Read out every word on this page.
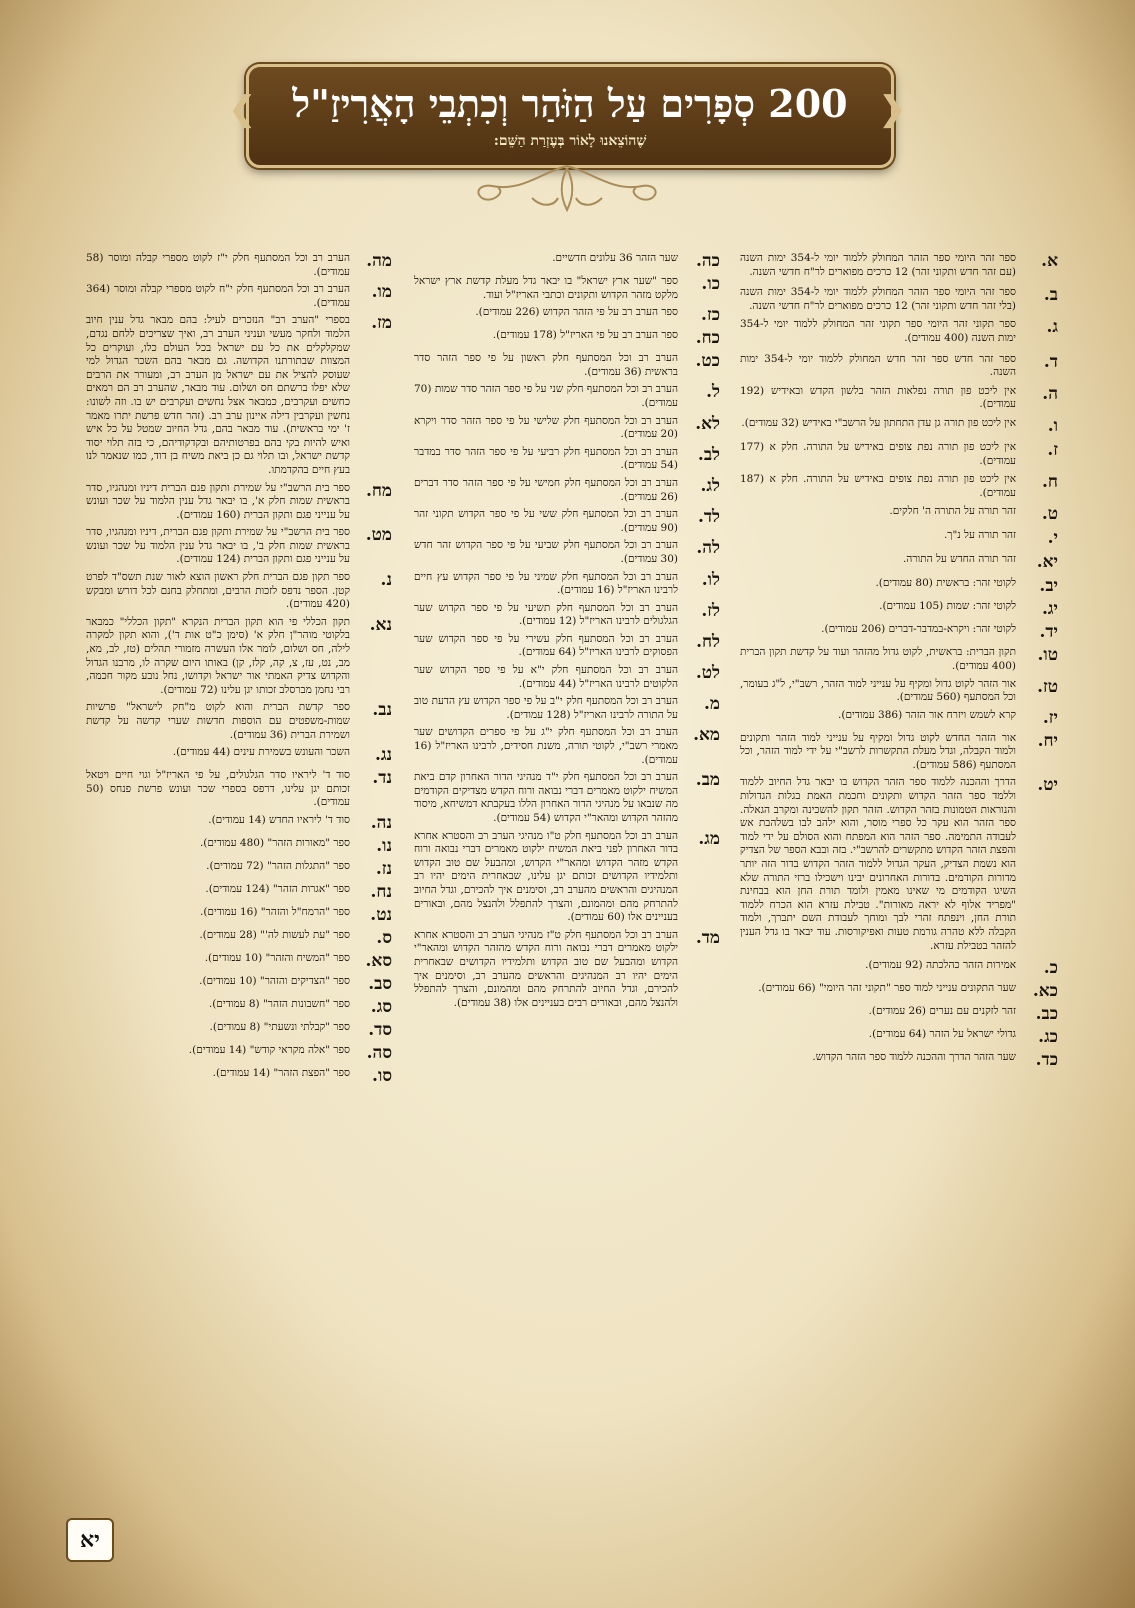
200 סְפָרִים עַל הַזֹּהַר וְכִתְבֵי הָאֲרִיזַ"ל
שֶׁהוֹצֵאנוּ לָאוֹר בְּעֶזְרַת הַשֵּׁם:
❮	❯
א.
ספר זהר היומי ספר הזהר המחולק ללמוד יומי ל-354 ימות השנה (עם זהר חדש ותקוני זהר) 12 כרכים מפוארים לר"ח חדשי השנה.
ב.
ספר זהר היומי ספר הזהר המחולק ללמוד יומי ל-354 ימות השנה (בלי זהר חדש ותקוני זהר) 12 כרכים מפוארים לר"ח חדשי השנה.
ג.
ספר תקוני זהר היומי ספר תקוני זהר המחולק ללמוד יומי ל-354 ימות השנה (400 עמודים).
ד.
ספר זהר חדש ספר זהר חדש המחולק ללמוד יומי ל-354 ימות השנה.
ה.
אין ליכט פון תורה נפלאות הזהר בלשון הקדש ובאידיש (192 עמודים).
ו.
אין ליכט פון תורה גן עדן התחתון על הרשב"י באידיש (32 עמודים).
ז.
אין ליכט פון תורה נפת צופים באידיש על התורה. חלק א (177 עמודים).
ח.
אין ליכט פון תורה נפת צופים באידיש על התורה. חלק א (187 עמודים).
ט.
זהר תורה על התורה ה' חלקים.
י.
זהר תורה על נ"ך.
יא.
זהר תורה החדש על התורה.
יב.
לקוטי זהר: בראשית (80 עמודים).
יג.
לקוטי זהר: שמות (105 עמודים).
יד.
לקוטי זהר: ויקרא-במדבר-דברים (206 עמודים).
טו.
תקון הברית: בראשית, לקוט גדול מהזהר ועוד על קדשת תקון הברית (400 עמודים).
טז.
אור הזהר לקוט גדול ומקיף על ענייני למוד הזהר, רשב"י, ל"ג בעומר, וכל המסתעף (560 עמודים).
יז.
קרא לשמש ויזרח אור הזהר (386 עמודים).
יח.
אור הזהר החדש לקוט גדול ומקיף על ענייני למוד הזהר ותקונים ולמוד הקבלה, וגדל מעלת התקשרות לרשב"י על ידי למוד הזהר, וכל המסתעף (586 עמודים).
יט.
הדרך וההכנה ללמוד ספר הזהר הקדוש בו יבאר גדל החיוב ללמוד וללמד ספר הזהר הקדוש ותקונים וחכמת האמת בגלות הגדולות והנוראות הטמונות בזהר הקדוש. הזהר תקון להשכינה ומקרב הגאלה. ספר הזהר הוא עקר כל ספרי מוסר, והוא ילהב לבו בשלהבת אש לעבודה התמימה. ספר הזהר הוא המפתח והוא הסולם על ידי למוד והפצת הזהר הקדוש מתקשרים להרשב"י. בזה ובבא הספר של הצדיק הוא נשמת הצדיק, העקר הגדול ללמוד הזהר הקדוש בדור הזה יותר מדורות הקודמים. בדורות האחרונים יבינו וישכילו ברזי התורה שלא השיגו הקודמים מי שאינו מאמין ולומד תורת החן הוא בבחינת "מפריד אלוף לא יראה מאורות". טבילת עזרא הוא הכרח ללמוד תורת החן, וינפתח זהרי לבך ומוחך לעבודת השם יתברך, ולמוד הקבלה ללא טהרה גורמת טעות ואפיקורסות. עוד יבאר בו גדל הענין להזהר בטבילת עזרא.
כ.
אמירות הזהר כהלכתה (92 עמודים).
כא.
שער התקונים ענייני למוד ספר "תקוני זהר היומי" (66 עמודים).
כב.
זהר לזקנים עם נערים (26 עמודים).
כג.
גדולי ישראל על הזהר (64 עמודים).
כד.
שער הזהר הדרך וההכנה ללמוד ספר הזהר הקדוש.
כה.
שער הזהר 36 עלונים חדשיים.
כו.
ספר "שער ארץ ישראל" בו יבאר גדל מעלת קדשת ארץ ישראל מלקט מזהר הקדוש ותקונים וכתבי האריז"ל ועוד.
כז.
ספר הערב רב על פי הזהר הקדוש (226 עמודים).
כח.
ספר הערב רב על פי האריז"ל (178 עמודים).
כט.
הערב רב וכל המסתעף חלק ראשון על פי ספר הזהר סדר בראשית (36 עמודים).
ל.
הערב רב וכל המסתעף חלק שני על פי ספר הזהר סדר שמות (70 עמודים).
לא.
הערב רב וכל המסתעף חלק שלישי על פי ספר הזהר סדר ויקרא (20 עמודים).
לב.
הערב רב וכל המסתעף חלק רביעי על פי ספר הזהר סדר במדבר (54 עמודים).
לג.
הערב רב וכל המסתעף חלק חמישי על פי ספר הזהר סדר דברים (26 עמודים).
לד.
הערב רב וכל המסתעף חלק ששי על פי ספר הקדוש תקוני זהר (90 עמודים).
לה.
הערב רב וכל המסתעף חלק שביעי על פי ספר הקדוש זהר חדש (30 עמודים).
לו.
הערב רב וכל המסתעף חלק שמיני על פי ספר הקדוש עץ חיים לרבינו האריז"ל (16 עמודים).
לז.
הערב רב וכל המסתעף חלק תשיעי על פי ספר הקדוש שער הגלגולים לרבינו האריז"ל (12 עמודים).
לח.
הערב רב וכל המסתעף חלק עשירי על פי ספר הקדוש שער הפסוקים לרבינו האריז"ל (64 עמודים).
לט.
הערב רב וכל המסתעף חלק י"א על פי ספר הקדוש שער הלקוטים לרבינו האריז"ל (44 עמודים).
מ.
הערב רב וכל המסתעף חלק י"ב על פי ספר הקדוש עץ הדעת טוב על התורה לרבינו האריז"ל (128 עמודים).
מא.
הערב רב וכל המסתעף חלק י"ג על פי ספרים הקדושים שער מאמרי רשב"י, לקוטי תורה, משנת חסידים, לרבינו האריז"ל (16 עמודים).
מב.
הערב רב וכל המסתעף חלק י"ד מנהיגי הדור האחרון קדם ביאת המשיח ילקוט מאמרים דברי נבואה ורוח הקדש מצדיקים הקודמים מה שנבאו על מנהיגי הדור האחרון הללו בעקבתא דמשיחא, מיסוד מהזהר הקדוש ומהאר"י הקדוש (54 עמודים).
מג.
הערב רב וכל המסתעף חלק ט"ו מנהיגי הערב רב והסטרא אחרא בדור האחרון לפני ביאת המשיח ילקוט מאמרים דברי נבואה ורוח הקדש מזהר הקדוש ומהאר"י הקדוש, ומהבעל שם טוב הקדוש ותלמידיו הקדושים זכותם יגן עלינו, שבאחרית הימים יהיו רב המנהיגים והראשים מהערב רב, וסימנים איך להכירם, וגדל החיוב להתרחק מהם ומהמונם, והצרך להתפלל ולהנצל מהם, ובאורים בעניינים אלו (60 עמודים).
מד.
הערב רב וכל המסתעף חלק ט"ז מנהיגי הערב רב והסטרא אחרא ילקוט מאמרים דברי נבואה ורוח הקדש מהזהר הקדוש ומהאר"י הקדוש ומהבעל שם טוב הקדוש ותלמידיו הקדושים שבאחרית הימים יהיו רב המנהיגים והראשים מהערב רב, וסימנים איך להכירם, וגדל החיוב להתרחק מהם ומהמונם, והצרך להתפלל ולהנצל מהם, ובאורים רבים בעניינים אלו (38 עמודים).
מה.
הערב רב וכל המסתעף חלק י"ז לקוט מספרי קבלה ומוסר (58 עמודים).
מו.
הערב רב וכל המסתעף חלק י"ח לקוט מספרי קבלה ומוסר (364 עמודים).
מז.
בספרי "הערב רב" הנזכרים לעיל: בהם מבאר גדל ענין חיוב הלמוד ולחקר מעשי ועניני הערב רב, ואיך שצריכים ללחם נגדם, שמקלקלים את כל עם ישראל בכל העולם כלו, ועוקרים כל המצוות שבתורתנו הקדושה. גם מבאר בהם השכר הגדול למי שעוסק להציל את עם ישראל מן הערב רב, ומעורר את הרבים שלא יפלו ברשתם חס ושלום. עוד מבאר, שהערב רב הם רמאים כחשים ועקרבים, כמבאר אצל נחשים ועקרבים יש בו. וזה לשונו: נחשין ועקרבין דילה איינון ערב רב. (זהר חדש פרשת יתרו מאמר ז' ימי בראשית). עוד מבאר בהם, גדל החיוב שמטל על כל איש ואיש להיות בקי בהם בפרטותיהם ובקדקודיהם, כי בזה תלוי יסוד קדשת ישראל, ובו תלוי גם כן ביאת משיח בן דוד, כמו שנאמר לנו בעץ חיים בהקדמתו.
מח.
ספר בית הרשב"י על שמירת ותקון פגם הברית דיניו ומנהגיו, סדר בראשית שמות חלק א', בו יבאר גדל ענין הלמוד על שכר ועונש על ענייני פגם ותקון הברית (160 עמודים).
מט.
ספר בית הרשב"י על שמירת ותקון פגם הברית, דיניו ומנהגיו, סדר בראשית שמות חלק ב', בו יבאר גדל ענין הלמוד על שכר ועונש על ענייני פגם ותקון הברית (124 עמודים).
נ.
ספר תקון פגם הברית חלק ראשון הוצא לאור שנת תשס"ד לפרט קטן. הספר נדפס לזכות הרבים, ומתחלק בחנם לכל דורש ומבקש (420 עמודים).
נא.
תקון הכללי פי הוא תקון הברית הנקרא "תקון הכללי" כמבאר בלקוטי מוהר"ן חלק א' (סימן כ"ט אות ד'), והוא תקון למקרה לילה, חס ושלום, לומר אלו העשרה מזמורי תהלים (טז, לב, מא, מב, נט, עז, צ, קה, קלז, קן) באותו היום שקרה לו, מרבנו הגדול והקדוש צדיק האמתי אור ישראל וקדושו, נחל נובע מקור חכמה, רבי נחמן מברסלב זכותו יגן עלינו (72 עמודים).
נב.
ספר קדשת הברית והוא לקוט מ"חק לישראל" פרשיות שמות-משפטים עם הוספות חדשות שערי קדשה על קדשת ושמירת הברית (36 עמודים).
נג.
השכר והעונש בשמירת עינים (44 עמודים).
נד.
סוד ד' ליראיו סדר הגלגולים, על פי האריז"ל וגוי חיים ויטאל זכותם יגן עלינו, דרפס בספרי שכר ועונש פרשת פנחס (50 עמודים).
נה.
סוד ד' ליראיו החדש (14 עמודים).
נו.
ספר "מאורות הזהר" (480 עמודים).
נז.
ספר "התגלות הזהר" (72 עמודים).
נח.
ספר "אגרות הזהר" (124 עמודים).
נט.
ספר "הרמח"ל והזהר" (16 עמודים).
ס.
ספר "עת לעשות לה'" (28 עמודים).
סא.
ספר "המשיח והזהר" (10 עמודים).
סב.
ספר "הצדיקים והזהר" (10 עמודים).
סג.
ספר "חשבונות הזהר" (8 עמודים).
סד.
ספר "קבלתי ונשעתי" (8 עמודים).
סה.
ספר "אלה מקראי קודש" (14 עמודים).
סו.
ספר "הפצת הזהר" (14 עמודים).
יא
